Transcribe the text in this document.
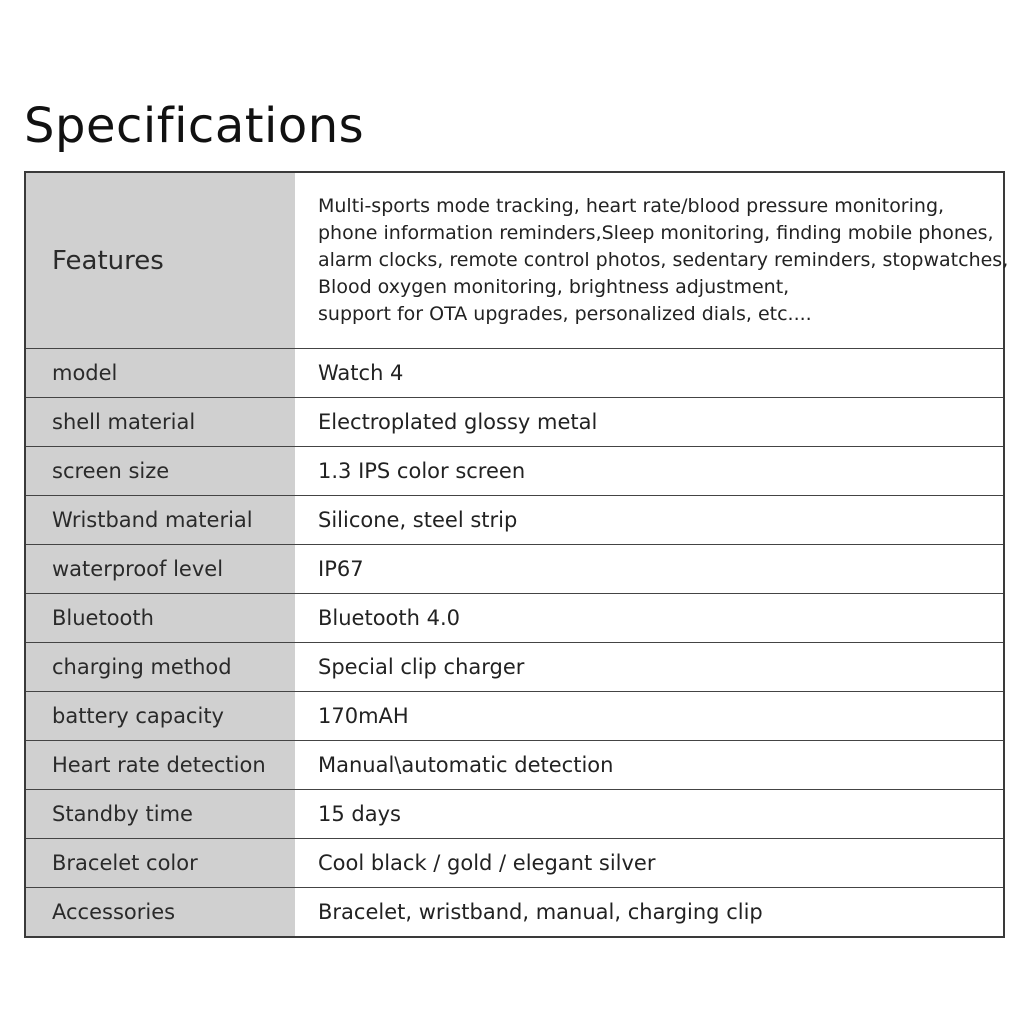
Specifications
Features	Multi-sports mode tracking, heart rate/blood pressure monitoring,
phone information reminders,Sleep monitoring, finding mobile phones,
alarm clocks, remote control photos, sedentary reminders, stopwatches,
Blood oxygen monitoring, brightness adjustment,
support for OTA upgrades, personalized dials, etc....

model	Watch 4
shell material	Electroplated glossy metal
screen size	1.3 IPS color screen
Wristband material	Silicone, steel strip
waterproof level	IP67
Bluetooth	Bluetooth 4.0
charging method	Special clip charger
battery capacity	170mAH
Heart rate detection	Manual\automatic detection
Standby time	15 days
Bracelet color	Cool black / gold / elegant silver
Accessories	Bracelet, wristband, manual, charging clip
